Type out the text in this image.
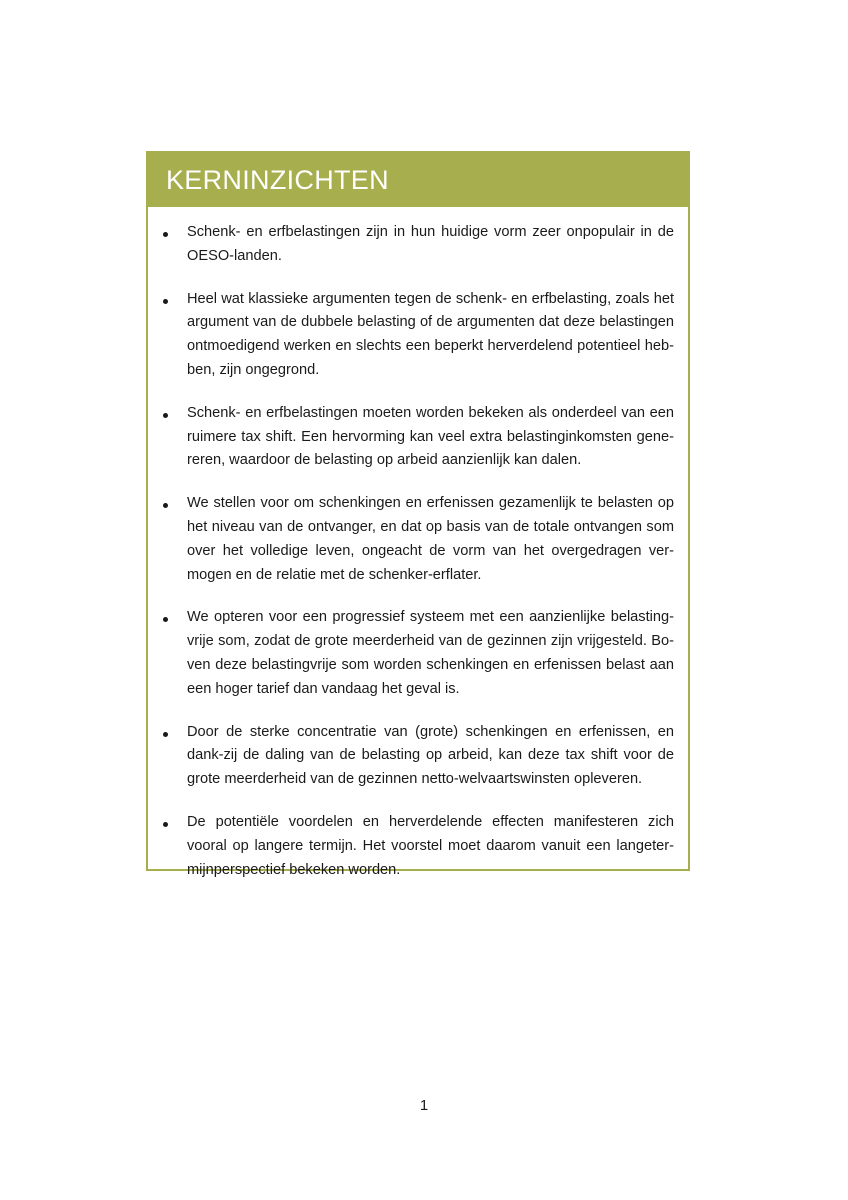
KERNINZICHTEN
Schenk- en erfbelastingen zijn in hun huidige vorm zeer onpopulair in de OESO-landen.
Heel wat klassieke argumenten tegen de schenk- en erfbelasting, zoals het argument van de dubbele belasting of de argumenten dat deze belastingen ontmoedigend werken en slechts een beperkt herverdelend potentieel heb-ben, zijn ongegrond.
Schenk- en erfbelastingen moeten worden bekeken als onderdeel van een ruimere tax shift. Een hervorming kan veel extra belastinginkomsten gene-reren, waardoor de belasting op arbeid aanzienlijk kan dalen.
We stellen voor om schenkingen en erfenissen gezamenlijk te belasten op het niveau van de ontvanger, en dat op basis van de totale ontvangen som over het volledige leven, ongeacht de vorm van het overgedragen ver-mogen en de relatie met de schenker-erflater.
We opteren voor een progressief systeem met een aanzienlijke belasting-vrije som, zodat de grote meerderheid van de gezinnen zijn vrijgesteld. Bo-ven deze belastingvrije som worden schenkingen en erfenissen belast aan een hoger tarief dan vandaag het geval is.
Door de sterke concentratie van (grote) schenkingen en erfenissen, en dank-zij de daling van de belasting op arbeid, kan deze tax shift voor de grote meerderheid van de gezinnen netto-welvaartswinsten opleveren.
De potentiële voordelen en herverdelende effecten manifesteren zich vooral op langere termijn. Het voorstel moet daarom vanuit een langeter-mijnperspectief bekeken worden.
1
